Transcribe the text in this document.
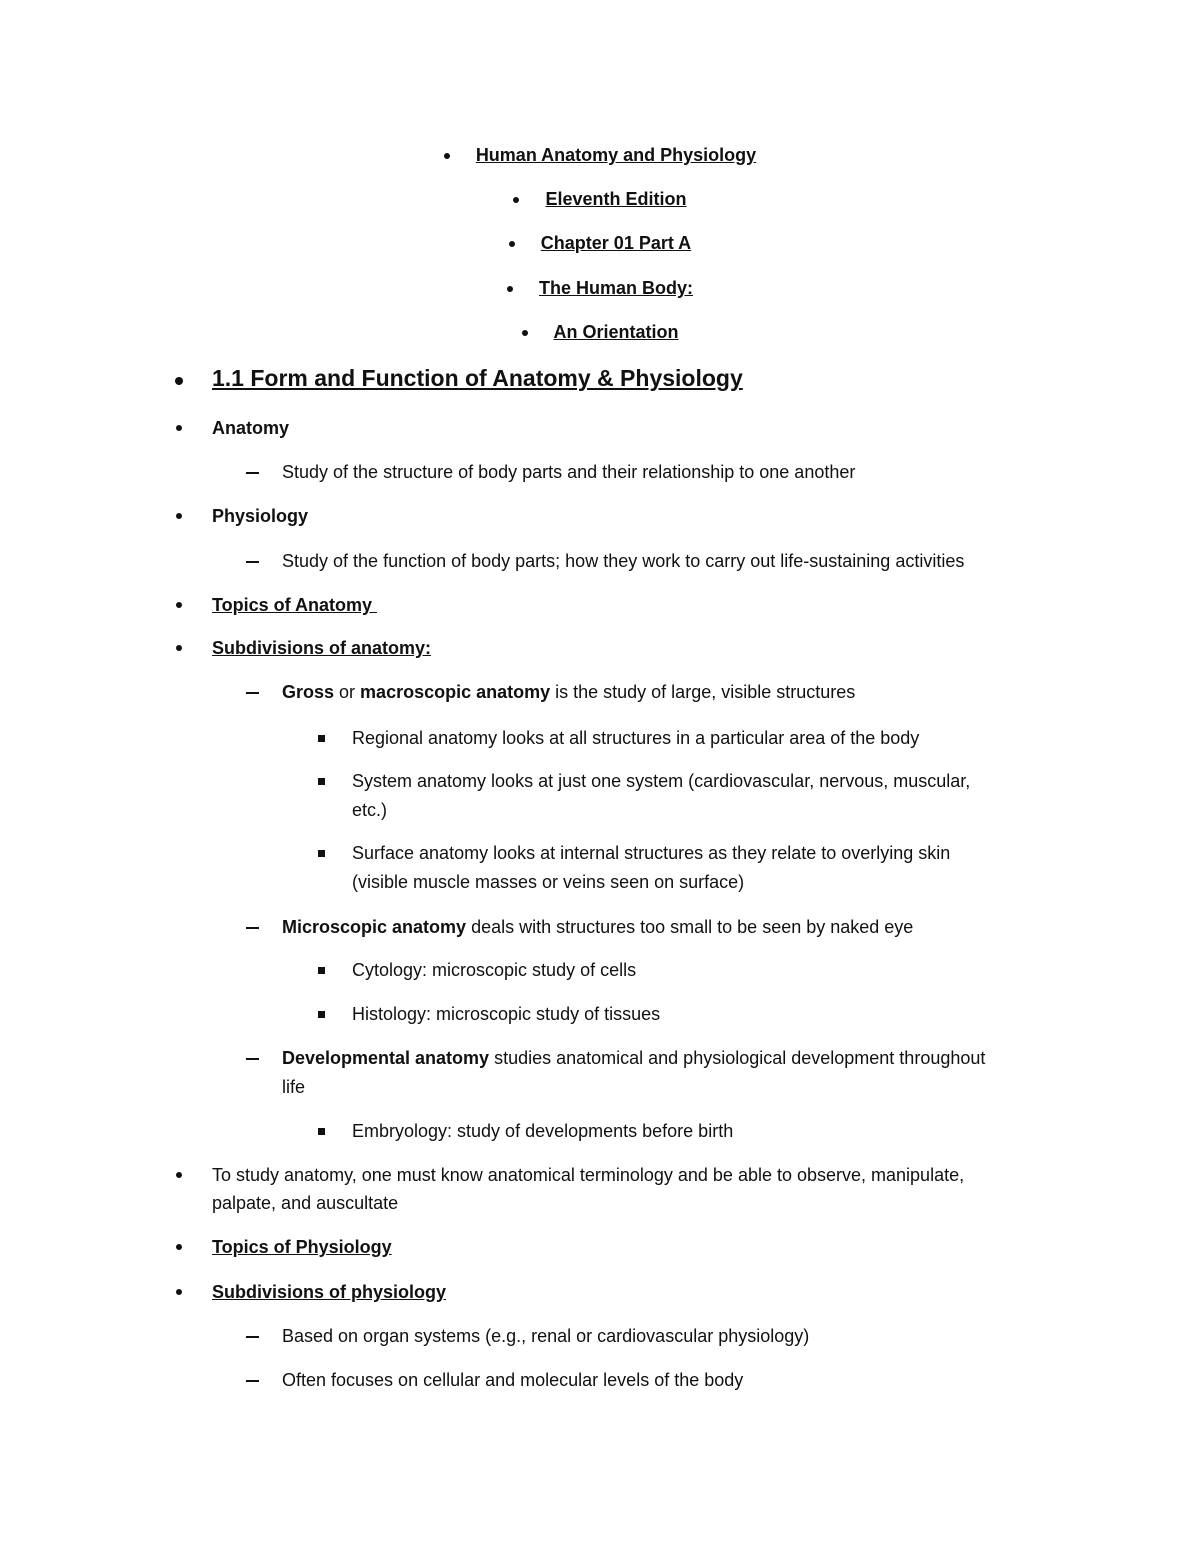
Human Anatomy and Physiology
Eleventh Edition
Chapter 01 Part A
The Human Body:
An Orientation
1.1 Form and Function of Anatomy & Physiology
Anatomy
Study of the structure of body parts and their relationship to one another
Physiology
Study of the function of body parts; how they work to carry out life-sustaining activities
Topics of Anatomy
Subdivisions of anatomy:
Gross or macroscopic anatomy is the study of large, visible structures
Regional anatomy looks at all structures in a particular area of the body
System anatomy looks at just one system (cardiovascular, nervous, muscular,
etc.)
Surface anatomy looks at internal structures as they relate to overlying skin
(visible muscle masses or veins seen on surface)
Microscopic anatomy deals with structures too small to be seen by naked eye
Cytology: microscopic study of cells
Histology: microscopic study of tissues
Developmental anatomy studies anatomical and physiological development throughout
life
Embryology: study of developments before birth
To study anatomy, one must know anatomical terminology and be able to observe, manipulate,
palpate, and auscultate
Topics of Physiology
Subdivisions of physiology
Based on organ systems (e.g., renal or cardiovascular physiology)
Often focuses on cellular and molecular levels of the body
